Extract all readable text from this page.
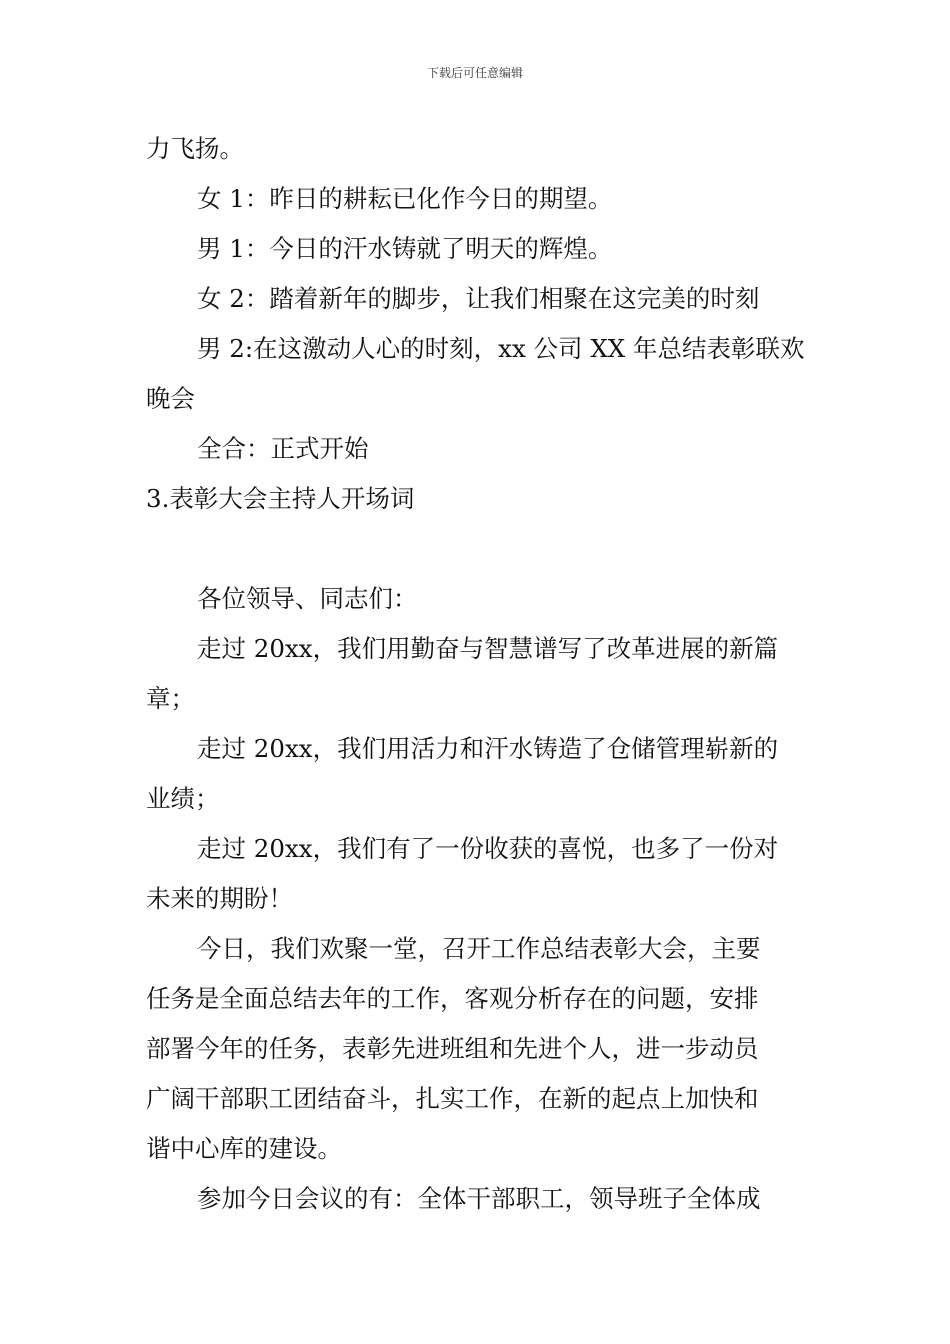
下载后可任意编辑
力飞扬。
女 1：昨日的耕耘已化作今日的期望。
男 1：今日的汗水铸就了明天的辉煌。
女 2：踏着新年的脚步，让我们相聚在这完美的时刻
男 2:在这激动人心的时刻，xx 公司 XX 年总结表彰联欢
晚会
全合：正式开始
3.表彰大会主持人开场词
各位领导、同志们：
走过 20xx，我们用勤奋与智慧谱写了改革进展的新篇
章；
走过 20xx，我们用活力和汗水铸造了仓储管理崭新的
业绩；
走过 20xx，我们有了一份收获的喜悦，也多了一份对
未来的期盼！
今日，我们欢聚一堂，召开工作总结表彰大会，主要
任务是全面总结去年的工作，客观分析存在的问题，安排
部署今年的任务，表彰先进班组和先进个人，进一步动员
广阔干部职工团结奋斗，扎实工作，在新的起点上加快和
谐中心库的建设。
参加今日会议的有：全体干部职工，领导班子全体成
